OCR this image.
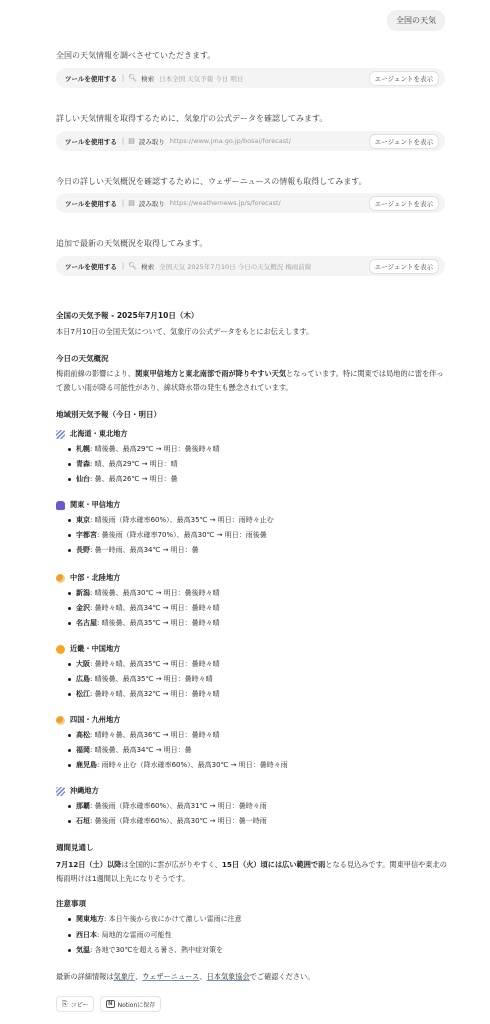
全国の天気
全国の天気情報を調べさせていただきます。
ツールを使用する | 🔍︎ 検索 日本全国 天気予報 今日 明日	エージェントを表示
詳しい天気情報を取得するために、気象庁の公式データを確認してみます。
ツールを使用する | ▤ 読み取り https://www.jma.go.jp/bosai/forecast/	エージェントを表示
今日の詳しい天気概況を確認するために、ウェザーニュースの情報も取得してみます。
ツールを使用する | ▤ 読み取り https://weathernews.jp/s/forecast/	エージェントを表示
追加で最新の天気概況を取得してみます。
ツールを使用する | 🔍︎ 検索 全国天気 2025年7月10日 今日の天気概況 梅雨前線	エージェントを表示
全国の天気予報 - 2025年7月10日（木）
本日7月10日の全国天気について、気象庁の公式データをもとにお伝えします。
今日の天気概況
梅雨前線の影響により、関東甲信地方と東北南部で雨が降りやすい天気となっています。特に関東では局地的に雷を伴って激しい雨が降る可能性があり、線状降水帯の発生も懸念されています。
地域別天気予報（今日・明日）
北海道・東北地方
札幌 : 晴後曇、最高29℃ → 明日：曇後時々晴
青森 : 晴、最高29℃ → 明日：晴
仙台 : 曇、最高26℃ → 明日：曇
関東・甲信地方
東京 : 晴後雨（降水確率60%）、最高35℃ → 明日：雨時々止む
宇都宮 : 曇後雨（降水確率70%）、最高30℃ → 明日：雨後曇
長野 : 曇一時雨、最高34℃ → 明日：曇
中部・北陸地方
新潟 : 晴後曇、最高30℃ → 明日：曇後時々晴
金沢 : 曇時々晴、最高34℃ → 明日：曇時々晴
名古屋 : 晴後曇、最高35℃ → 明日：曇時々晴
近畿・中国地方
大阪 : 曇時々晴、最高35℃ → 明日：曇時々晴
広島 : 晴後曇、最高35℃ → 明日：曇時々晴
松江 : 曇時々晴、最高32℃ → 明日：曇時々晴
四国・九州地方
高松 : 晴時々曇、最高36℃ → 明日：曇時々晴
福岡 : 晴後曇、最高34℃ → 明日：曇
鹿児島 : 雨時々止む（降水確率60%）、最高30℃ → 明日：曇時々雨
沖縄地方
那覇 : 曇後雨（降水確率60%）、最高31℃ → 明日：曇時々雨
石垣 : 曇後雨（降水確率60%）、最高30℃ → 明日：曇一時雨
週間見通し
7月12日（土）以降は全国的に雲が広がりやすく、15日（火）頃には広い範囲で雨となる見込みです。関東甲信や東北の梅雨明けは1週間以上先になりそうです。
注意事項
関東地方 : 本日午後から夜にかけて激しい雷雨に注意
西日本 : 局地的な雷雨の可能性
気温 : 各地で30℃を超える暑さ、熱中症対策を
最新の詳細情報は気象庁、ウェザーニュース、日本気象協会でご確認ください。
⎘ コピー	N Notionに保存
